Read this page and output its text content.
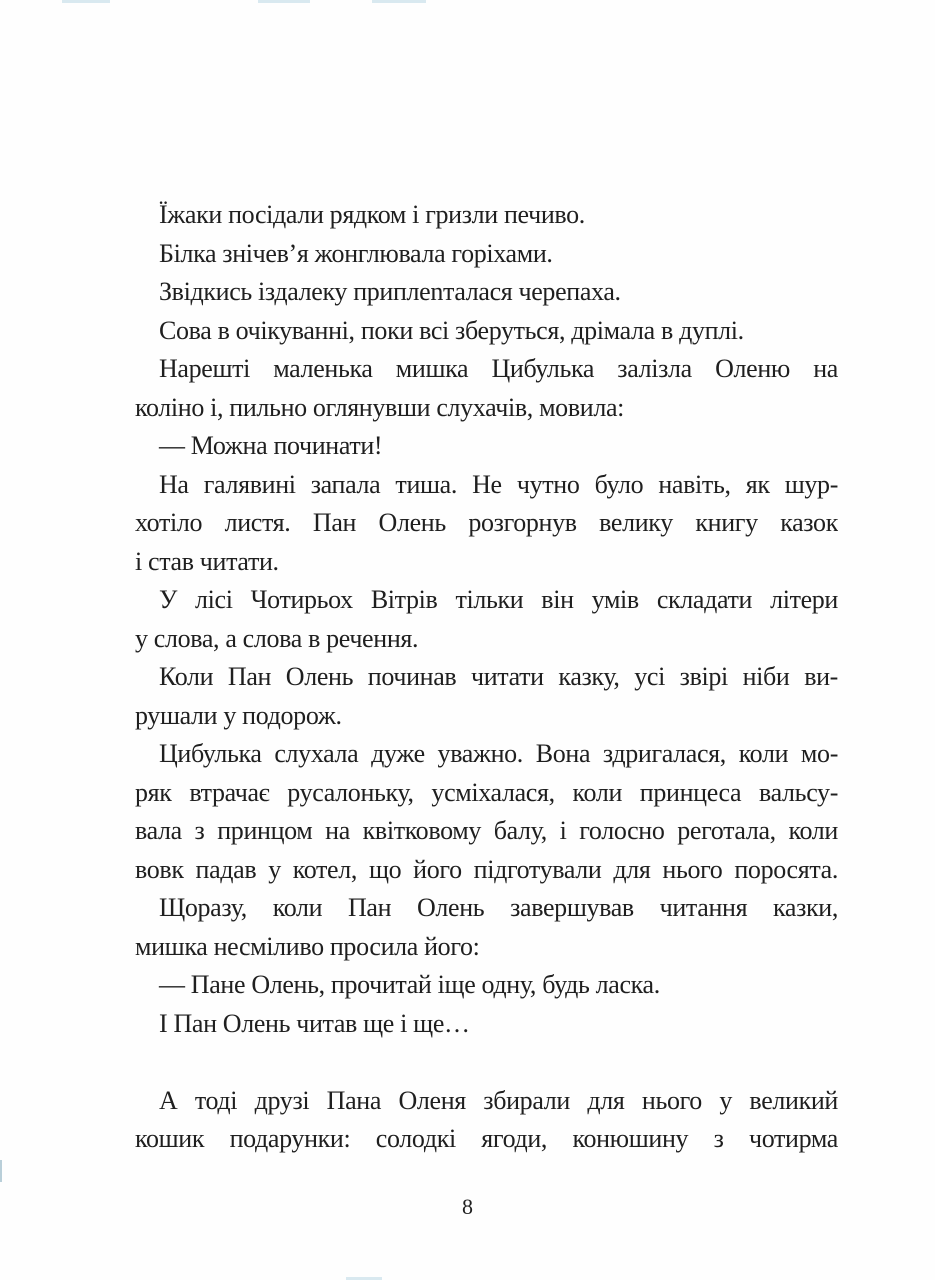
Їжаки посідали рядком і гризли печиво.
Білка знічев’я жонглювала горіхами.
Звідкись іздалеку приплenталася черепаха.
Сова в очікуванні, поки всі зберуться, дрімала в дуплі.
Нарешті маленька мишка Цибулька залізла Оленю на
коліно і, пильно оглянувши слухачів, мовила:
— Можна починати!
На галявині запала тиша. Не чутно було навіть, як шур-
хотіло листя. Пан Олень розгорнув велику книгу казок
і став читати.
У лісі Чотирьох Вітрів тільки він умів складати літери
у слова, а слова в речення.
Коли Пан Олень починав читати казку, усі звірі ніби ви-
рушали у подорож.
Цибулька слухала дуже уважно. Вона здригалася, коли мо-
ряк втрачає русалоньку, усміхалася, коли принцеса вальсу-
вала з принцом на квітковому балу, і голосно реготала, коли
вовк падав у котел, що його підготували для нього поросята.
Щоразу, коли Пан Олень завершував читання казки,
мишка несміливо просила його:
— Пане Олень, прочитай іще одну, будь ласка.
І Пан Олень читав ще і ще…
А тоді друзі Пана Оленя збирали для нього у великий
кошик подарунки: солодкі ягоди, конюшину з чотирма
8
